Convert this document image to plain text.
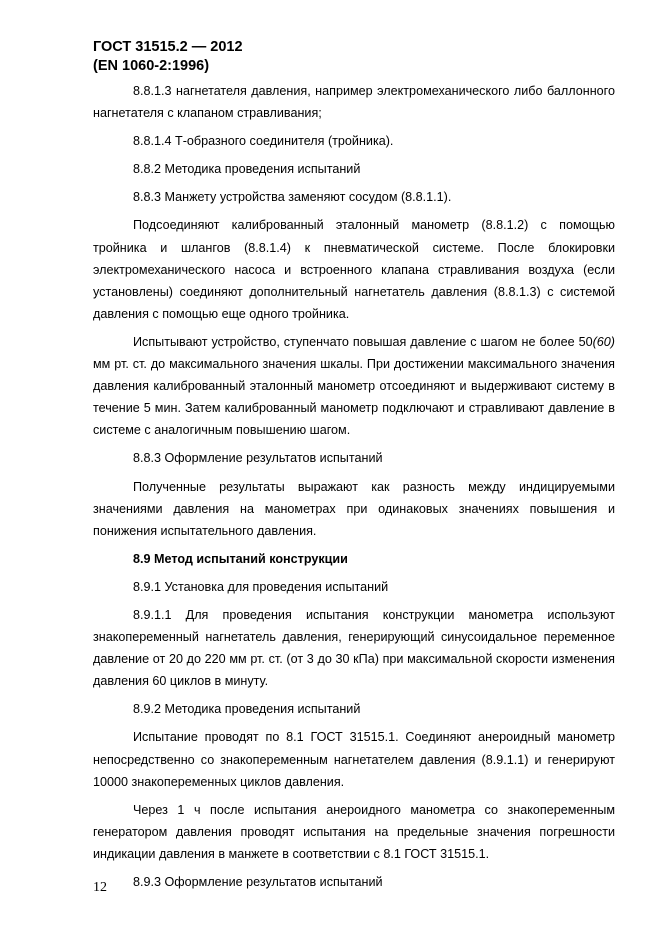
ГОСТ 31515.2 — 2012
(EN 1060-2:1996)

8.8.1.3 нагнетателя давления, например электромеханического либо баллонного нагнетателя с клапаном стравливания;

8.8.1.4 Т-образного соединителя (тройника).

8.8.2 Методика проведения испытаний

8.8.3 Манжету устройства заменяют сосудом (8.8.1.1).

Подсоединяют калиброванный эталонный манометр (8.8.1.2) с помощью тройника и шлангов (8.8.1.4) к пневматической системе. После блокировки электромеханического насоса и встроенного клапана стравливания воздуха (если установлены) соединяют дополнительный нагнетатель давления (8.8.1.3) с системой давления с помощью еще одного тройника.

Испытывают устройство, ступенчато повышая давление с шагом не более 50(60) мм рт. ст. до максимального значения шкалы. При достижении максимального значения давления калиброванный эталонный манометр отсоединяют и выдерживают систему в течение 5 мин. Затем калиброванный манометр подключают и стравливают давление в системе с аналогичным повышению шагом.

8.8.3 Оформление результатов испытаний

Полученные результаты выражают как разность между индицируемыми значениями давления на манометрах при одинаковых значениях повышения и понижения испытательного давления.

8.9 Метод испытаний конструкции

8.9.1 Установка для проведения испытаний

8.9.1.1 Для проведения испытания конструкции манометра используют знакопеременный нагнетатель давления, генерирующий синусоидальное переменное давление от 20 до 220 мм рт. ст. (от 3 до 30 кПа) при максимальной скорости изменения давления 60 циклов в минуту.

8.9.2 Методика проведения испытаний

Испытание проводят по 8.1 ГОСТ 31515.1. Соединяют анероидный манометр непосредственно со знакопеременным нагнетателем давления (8.9.1.1) и генерируют 10000 знакопеременных циклов давления.

Через 1 ч после испытания анероидного манометра со знакопеременным генератором давления проводят испытания на предельные значения погрешности индикации давления в манжете в соответствии с 8.1 ГОСТ 31515.1.

8.9.3 Оформление результатов испытаний

12
